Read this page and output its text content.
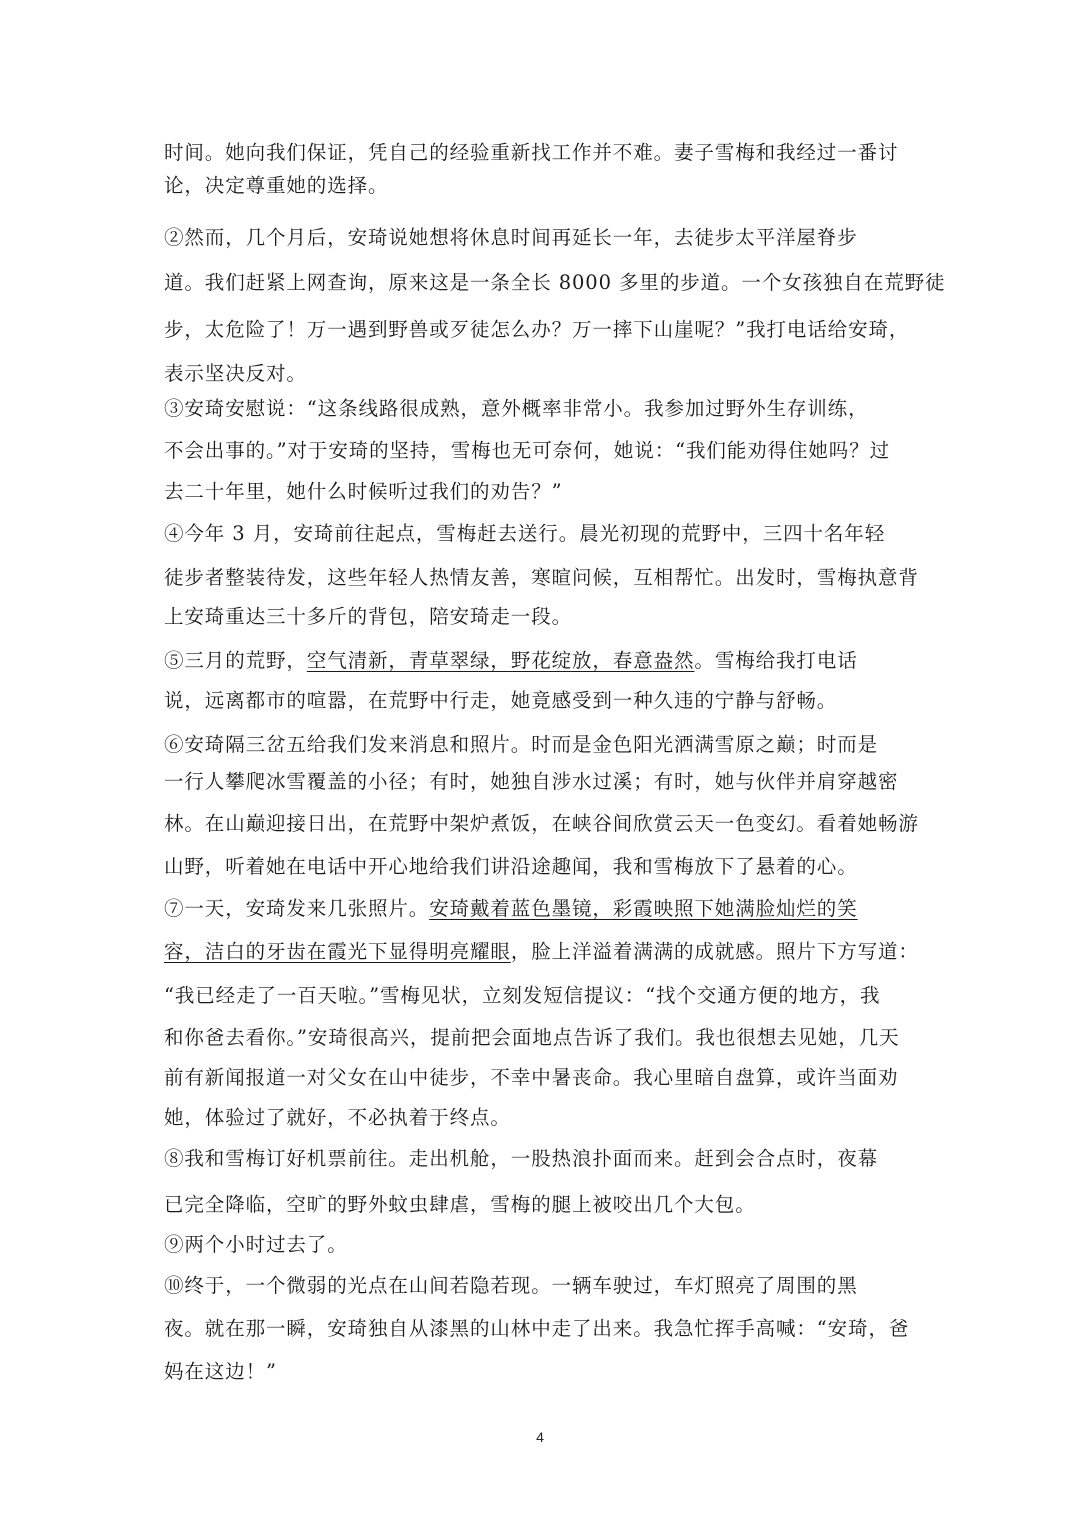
时间。她向我们保证，凭自己的经验重新找工作并不难。妻子雪梅和我经过一番讨
论，决定尊重她的选择。
②然而，几个月后，安琦说她想将休息时间再延长一年，去徒步太平洋屋脊步
道。我们赶紧上网查询，原来这是一条全长 8000 多里的步道。一个女孩独自在荒野徒
步，太危险了！万一遇到野兽或歹徒怎么办？万一摔下山崖呢？”我打电话给安琦，
表示坚决反对。
③安琦安慰说：“这条线路很成熟，意外概率非常小。我参加过野外生存训练，
不会出事的。”对于安琦的坚持，雪梅也无可奈何，她说：“我们能劝得住她吗？过
去二十年里，她什么时候听过我们的劝告？”
④今年 3 月，安琦前往起点，雪梅赶去送行。晨光初现的荒野中，三四十名年轻
徒步者整装待发，这些年轻人热情友善，寒暄问候，互相帮忙。出发时，雪梅执意背
上安琦重达三十多斤的背包，陪安琦走一段。
⑤三月的荒野，空气清新，青草翠绿，野花绽放，春意盎然。雪梅给我打电话
说，远离都市的喧嚣，在荒野中行走，她竟感受到一种久违的宁静与舒畅。
⑥安琦隔三岔五给我们发来消息和照片。时而是金色阳光洒满雪原之巅；时而是
一行人攀爬冰雪覆盖的小径；有时，她独自涉水过溪；有时，她与伙伴并肩穿越密
林。在山巅迎接日出，在荒野中架炉煮饭，在峡谷间欣赏云天一色变幻。看着她畅游
山野，听着她在电话中开心地给我们讲沿途趣闻，我和雪梅放下了悬着的心。
⑦一天，安琦发来几张照片。安琦戴着蓝色墨镜，彩霞映照下她满脸灿烂的笑
容，洁白的牙齿在霞光下显得明亮耀眼，脸上洋溢着满满的成就感。照片下方写道：
“我已经走了一百天啦。”雪梅见状，立刻发短信提议：“找个交通方便的地方，我
和你爸去看你。”安琦很高兴，提前把会面地点告诉了我们。我也很想去见她，几天
前有新闻报道一对父女在山中徒步，不幸中暑丧命。我心里暗自盘算，或许当面劝
她，体验过了就好，不必执着于终点。
⑧我和雪梅订好机票前往。走出机舱，一股热浪扑面而来。赶到会合点时，夜幕
已完全降临，空旷的野外蚊虫肆虐，雪梅的腿上被咬出几个大包。
⑨两个小时过去了。
⑩终于，一个微弱的光点在山间若隐若现。一辆车驶过，车灯照亮了周围的黑
夜。就在那一瞬，安琦独自从漆黑的山林中走了出来。我急忙挥手高喊：“安琦，爸
妈在这边！”
4
